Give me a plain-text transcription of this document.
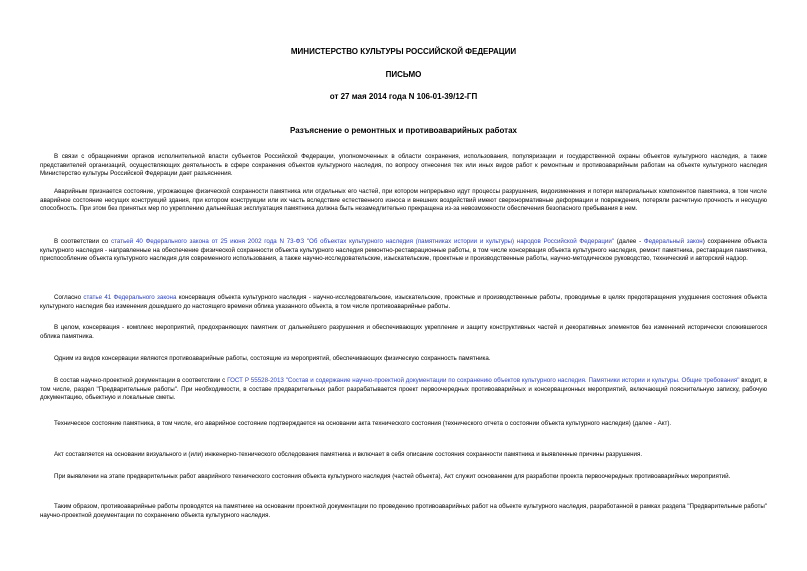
МИНИСТЕРСТВО КУЛЬТУРЫ РОССИЙСКОЙ ФЕДЕРАЦИИ
ПИСЬМО
от 27 мая 2014 года N 106-01-39/12-ГП
Разъяснение о ремонтных и противоаварийных работах
В связи с обращениями органов исполнительной власти субъектов Российской Федерации, уполномоченных в области сохранения, использования, популяризации и государственной охраны объектов культурного наследия, а также представителей организаций, осуществляющих деятельность в сфере сохранения объектов культурного наследия, по вопросу отнесения тех или иных видов работ к ремонтным и противоаварийным работам на объекте культурного наследия Министерство культуры Российской Федерации дает разъяснения.
Аварийным признается состояние, угрожающее физической сохранности памятника или отдельных его частей, при котором непрерывно идут процессы разрушения, видоизменения и потери материальных компонентов памятника, в том числе аварийное состояние несущих конструкций здания, при котором конструкции или их часть вследствие естественного износа и внешних воздействий имеют сверхнормативные деформации и повреждения, потеряли расчетную прочность и несущую способность. При этом без принятых мер по укреплению дальнейшая эксплуатация памятника должна быть незамедлительно прекращена из-за невозможности обеспечения безопасного пребывания в нем.
В соответствии со статьей 40 Федерального закона от 25 июня 2002 года N 73-ФЗ "Об объектах культурного наследия (памятниках истории и культуры) народов Российской Федерации" (далее - Федеральный закон) сохранение объекта культурного наследия - направленные на обеспечение физической сохранности объекта культурного наследия ремонтно-реставрационные работы, в том числе консервация объекта культурного наследия, ремонт памятника, реставрация памятника, приспособление объекта культурного наследия для современного использования, а также научно-исследовательские, изыскательские, проектные и производственные работы, научно-методическое руководство, технический и авторский надзор.
Согласно статье 41 Федерального закона консервация объекта культурного наследия - научно-исследовательские, изыскательские, проектные и производственные работы, проводимые в целях предотвращения ухудшения состояния объекта культурного наследия без изменения дошедшего до настоящего времени облика указанного объекта, в том числе противоаварийные работы.
В целом, консервация - комплекс мероприятий, предохраняющих памятник от дальнейшего разрушения и обеспечивающих укрепление и защиту конструктивных частей и декоративных элементов без изменений исторически сложившегося облика памятника.
Одним из видов консервации являются противоаварийные работы, состоящие из мероприятий, обеспечивающих физическую сохранность памятника.
В состав научно-проектной документации в соответствии с ГОСТ Р 55528-2013 "Состав и содержание научно-проектной документации по сохранению объектов культурного наследия. Памятники истории и культуры. Общие требования" входит, в том числе, раздел "Предварительные работы". При необходимости, в составе предварительных работ разрабатывается проект первоочередных противоаварийных и консервационных мероприятий, включающий пояснительную записку, рабочую документацию, обьектную и локальные сметы.
Техническое состояние памятника, в том числе, его аварийное состояние подтверждается на основании акта технического состояния (технического отчета о состоянии объекта культурного наследия) (далее - Акт).
Акт составляется на основании визуального и (или) инженерно-технического обследования памятника и включает в себя описание состояния сохранности памятника и выявленные причины разрушения.
При выявлении на этапе предварительных работ аварийного технического состояния объекта культурного наследия (частей объекта), Акт служит основанием для разработки проекта первоочередных противоаварийных мероприятий.
Таким образом, противоаварийные работы проводятся на памятнике на основании проектной документации по проведению противоаварийных работ на объекте культурного наследия, разработанной в рамках раздела "Предварительные работы" научно-проектной документации по сохранению объекта культурного наследия.
